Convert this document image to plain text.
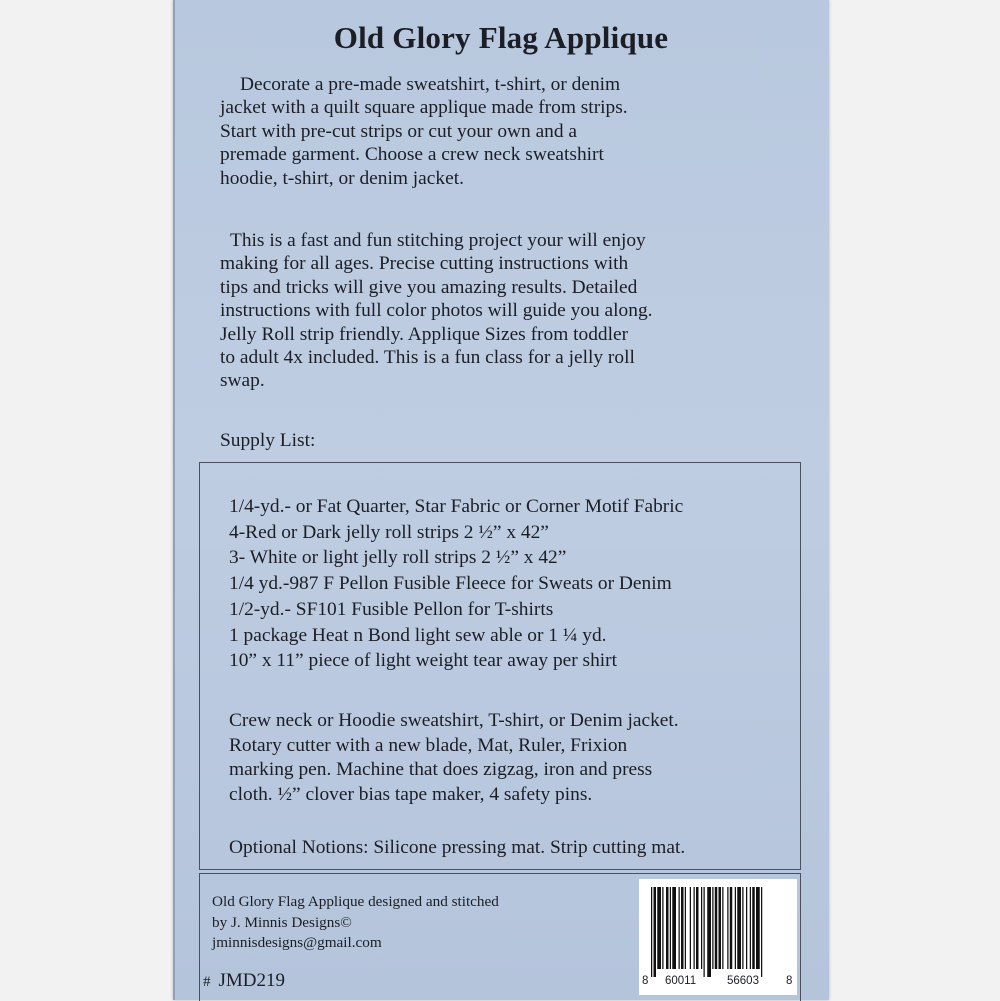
Old Glory Flag Applique
Decorate a pre-made sweatshirt, t-shirt, or denim
jacket with a quilt square applique made from strips.
Start with pre-cut strips or cut your own and a
premade garment. Choose a crew neck sweatshirt
hoodie, t-shirt, or denim jacket.
This is a fast and fun stitching project your will enjoy
making for all ages. Precise cutting instructions with
tips and tricks will give you amazing results. Detailed
instructions with full color photos will guide you along.
Jelly Roll strip friendly. Applique Sizes from toddler
to adult 4x included. This is a fun class for a jelly roll
swap.
Supply List:
1/4-yd.- or Fat Quarter, Star Fabric or Corner Motif Fabric
4-Red or Dark jelly roll strips 2 ½” x 42”
3- White or light jelly roll strips 2 ½” x 42”
1/4 yd.-987 F Pellon Fusible Fleece for Sweats or Denim
1/2-yd.- SF101 Fusible Pellon for T-shirts
1 package Heat n Bond light sew able or 1 ¼ yd.
10” x 11” piece of light weight tear away per shirt
Crew neck or Hoodie sweatshirt, T-shirt, or Denim jacket.
Rotary cutter with a new blade, Mat, Ruler, Frixion
marking pen. Machine that does zigzag, iron and press
cloth. ½” clover bias tape maker, 4 safety pins.
Optional Notions: Silicone pressing mat. Strip cutting mat.
Old Glory Flag Applique designed and stitched
by J. Minnis Designs©
jminnisdesigns@gmail.com
# JMD219	8 60011	56603 8
